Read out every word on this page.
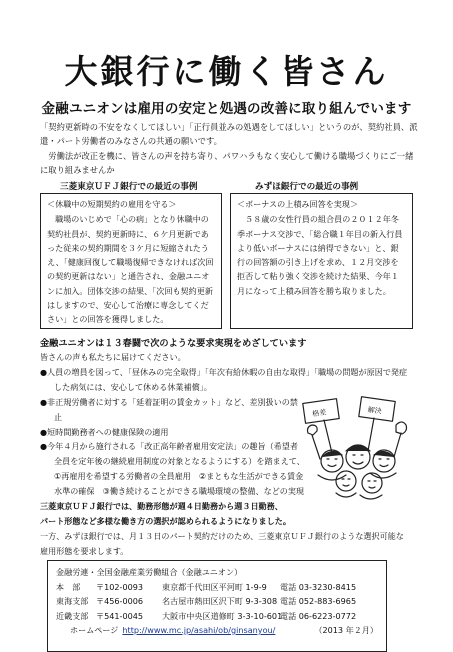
大銀行に働く皆さん
金融ユニオンは雇用の安定と処遇の改善に取り組んでいます
「契約更新時の不安をなくしてほしい」「正行員並みの処遇をしてほしい」というのが、契約社員、派遣・パート労働者のみなさんの共通の願いです。
労働法が改正を機に、皆さんの声を持ち寄り、パワハラもなく安心して働ける職場づくりにご一緒に取り組みませんか
三菱東京ＵＦＪ銀行での最近の事例	みずほ銀行での最近の事例
＜休職中の短期契約の雇用を守る＞
職場のいじめで「心の病」となり休職中の契約社員が、契約更新時に、６ケ月更新であった従来の契約期間を３ケ月に短縮されたうえ、「健康回復して職場復帰できなければ次回の契約更新はない」と通告され、金融ユニオンに加入。団体交渉の結果、「次回も契約更新はしますので、安心して治療に専念してください」との回答を獲得しました。
＜ボーナスの上積み回答を実現＞
５８歳の女性行員の組合員の２０１２年冬季ボーナス交渉で、「総合職１年目の新入行員より低いボーナスには納得できない」と、銀行の回答額の引き上げを求め、１２月交渉を拒否して粘り強く交渉を続けた結果、今年１月になって上積み回答を勝ち取りました。
金融ユニオンは１３春闘で次のような要求実現をめざしています
皆さんの声も私たちに届けてください。
●人員の増員を図って、「昼休みの完全取得」「年次有給休暇の自由な取得」「職場の問題が原因で発症
した病気には、安心して休める休業補償」。
●非正規労働者に対する「延着証明の賃金カット」など、差別扱いの禁
止
●短時間勤務者への健康保険の適用
●今年４月から施行される「改正高年齢者雇用安定法」の趣旨（希望者
全員を定年後の継続雇用制度の対象となるようにする）を踏まえて、
①再雇用を希望する労働者の全員雇用　②まともな生活ができる賃金
水準の確保　③働き続けることができる職場環境の整備、などの実現
三菱東京ＵＦＪ銀行では、勤務形態が週４日勤務から週３日勤務、
パート形態など多様な働き方の選択が認められるようになりました。
一方、みずほ銀行では、月１３日のパート契約だけのため、三菱東京ＵＦＪ銀行のような選択可能な
雇用形態を要求します。
格差	解決
金融労連・全国金融産業労働組合（金融ユニオン）
本　部	〒102-0093	東京都千代田区平河町 1-9-9	電話 03-3230-8415
東海支部 〒456-0006	名古屋市熱田区沢下町 9-3-308 電話 052-883-6965
近畿支部 〒541-0045	大阪市中央区道修町 3-3-10-601
電話 06-6223-0772
ホームページ http://www.mc.jp/asahi/ob/ginsanyou/	（2013 年２月）
